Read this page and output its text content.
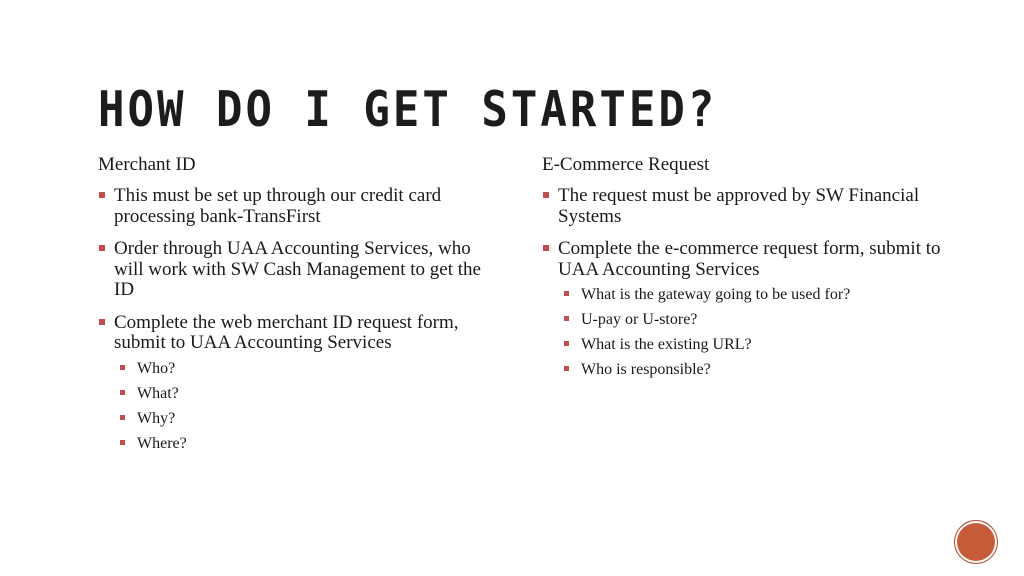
HOW DO I GET STARTED?
Merchant ID
This must be set up through our credit card processing bank-TransFirst
Order through UAA Accounting Services, who will work with SW Cash Management to get the ID
Complete the web merchant ID request form, submit to UAA Accounting Services
Who?
What?
Why?
Where?
E-Commerce Request
The request must be approved by SW Financial Systems
Complete the e-commerce request form, submit to UAA Accounting Services
What is the gateway going to be used for?
U-pay or U-store?
What is the existing URL?
Who is responsible?
